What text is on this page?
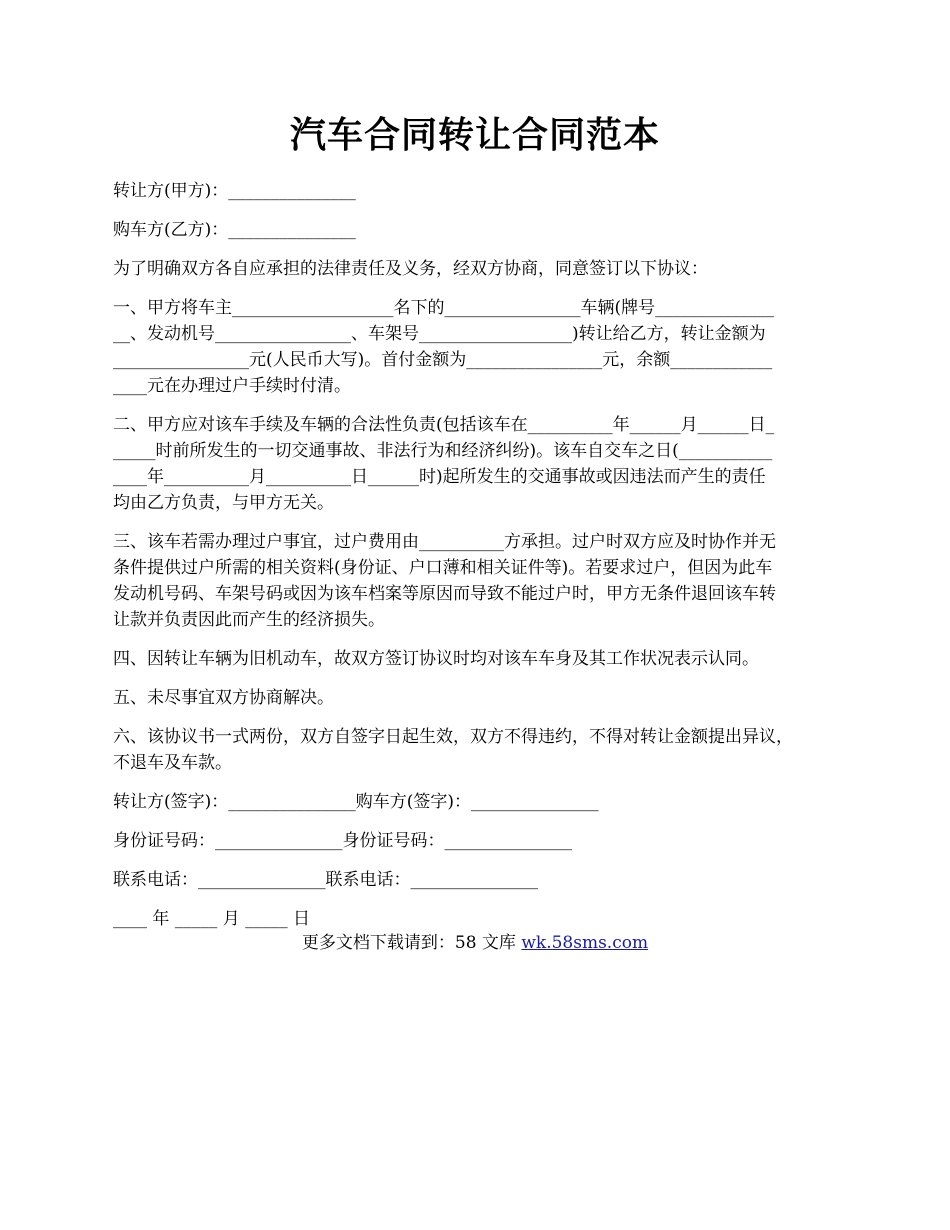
汽车合同转让合同范本

转让方(甲方)：_______________

购车方(乙方)：_______________

为了明确双方各自应承担的法律责任及义务，经双方协商，同意签订以下协议：

一、甲方将车主___________________名下的________________车辆(牌号______________
__、发动机号________________、车架号__________________)转让给乙方，转让金额为
________________元(人民币大写)。首付金额为________________元，余额____________
____元在办理过户手续时付清。

二、甲方应对该车手续及车辆的合法性负责(包括该车在__________年______月______日_
_____时前所发生的一切交通事故、非法行为和经济纠纷)。该车自交车之日(___________
____年__________月__________日______时)起所发生的交通事故或因违法而产生的责任
均由乙方负责，与甲方无关。

三、该车若需办理过户事宜，过户费用由__________方承担。过户时双方应及时协作并无
条件提供过户所需的相关资料(身份证、户口薄和相关证件等)。若要求过户，但因为此车
发动机号码、车架号码或因为该车档案等原因而导致不能过户时，甲方无条件退回该车转
让款并负责因此而产生的经济损失。

四、因转让车辆为旧机动车，故双方签订协议时均对该车车身及其工作状况表示认同。

五、未尽事宜双方协商解决。

六、该协议书一式两份，双方自签字日起生效，双方不得违约，不得对转让金额提出异议，
不退车及车款。

转让方(签字)：_______________购车方(签字)：_______________

身份证号码：_______________身份证号码：_______________

联系电话：_______________联系电话：_______________

____ 年 _____ 月 _____ 日

更多文档下载请到：58 文库 wk.58sms.com
